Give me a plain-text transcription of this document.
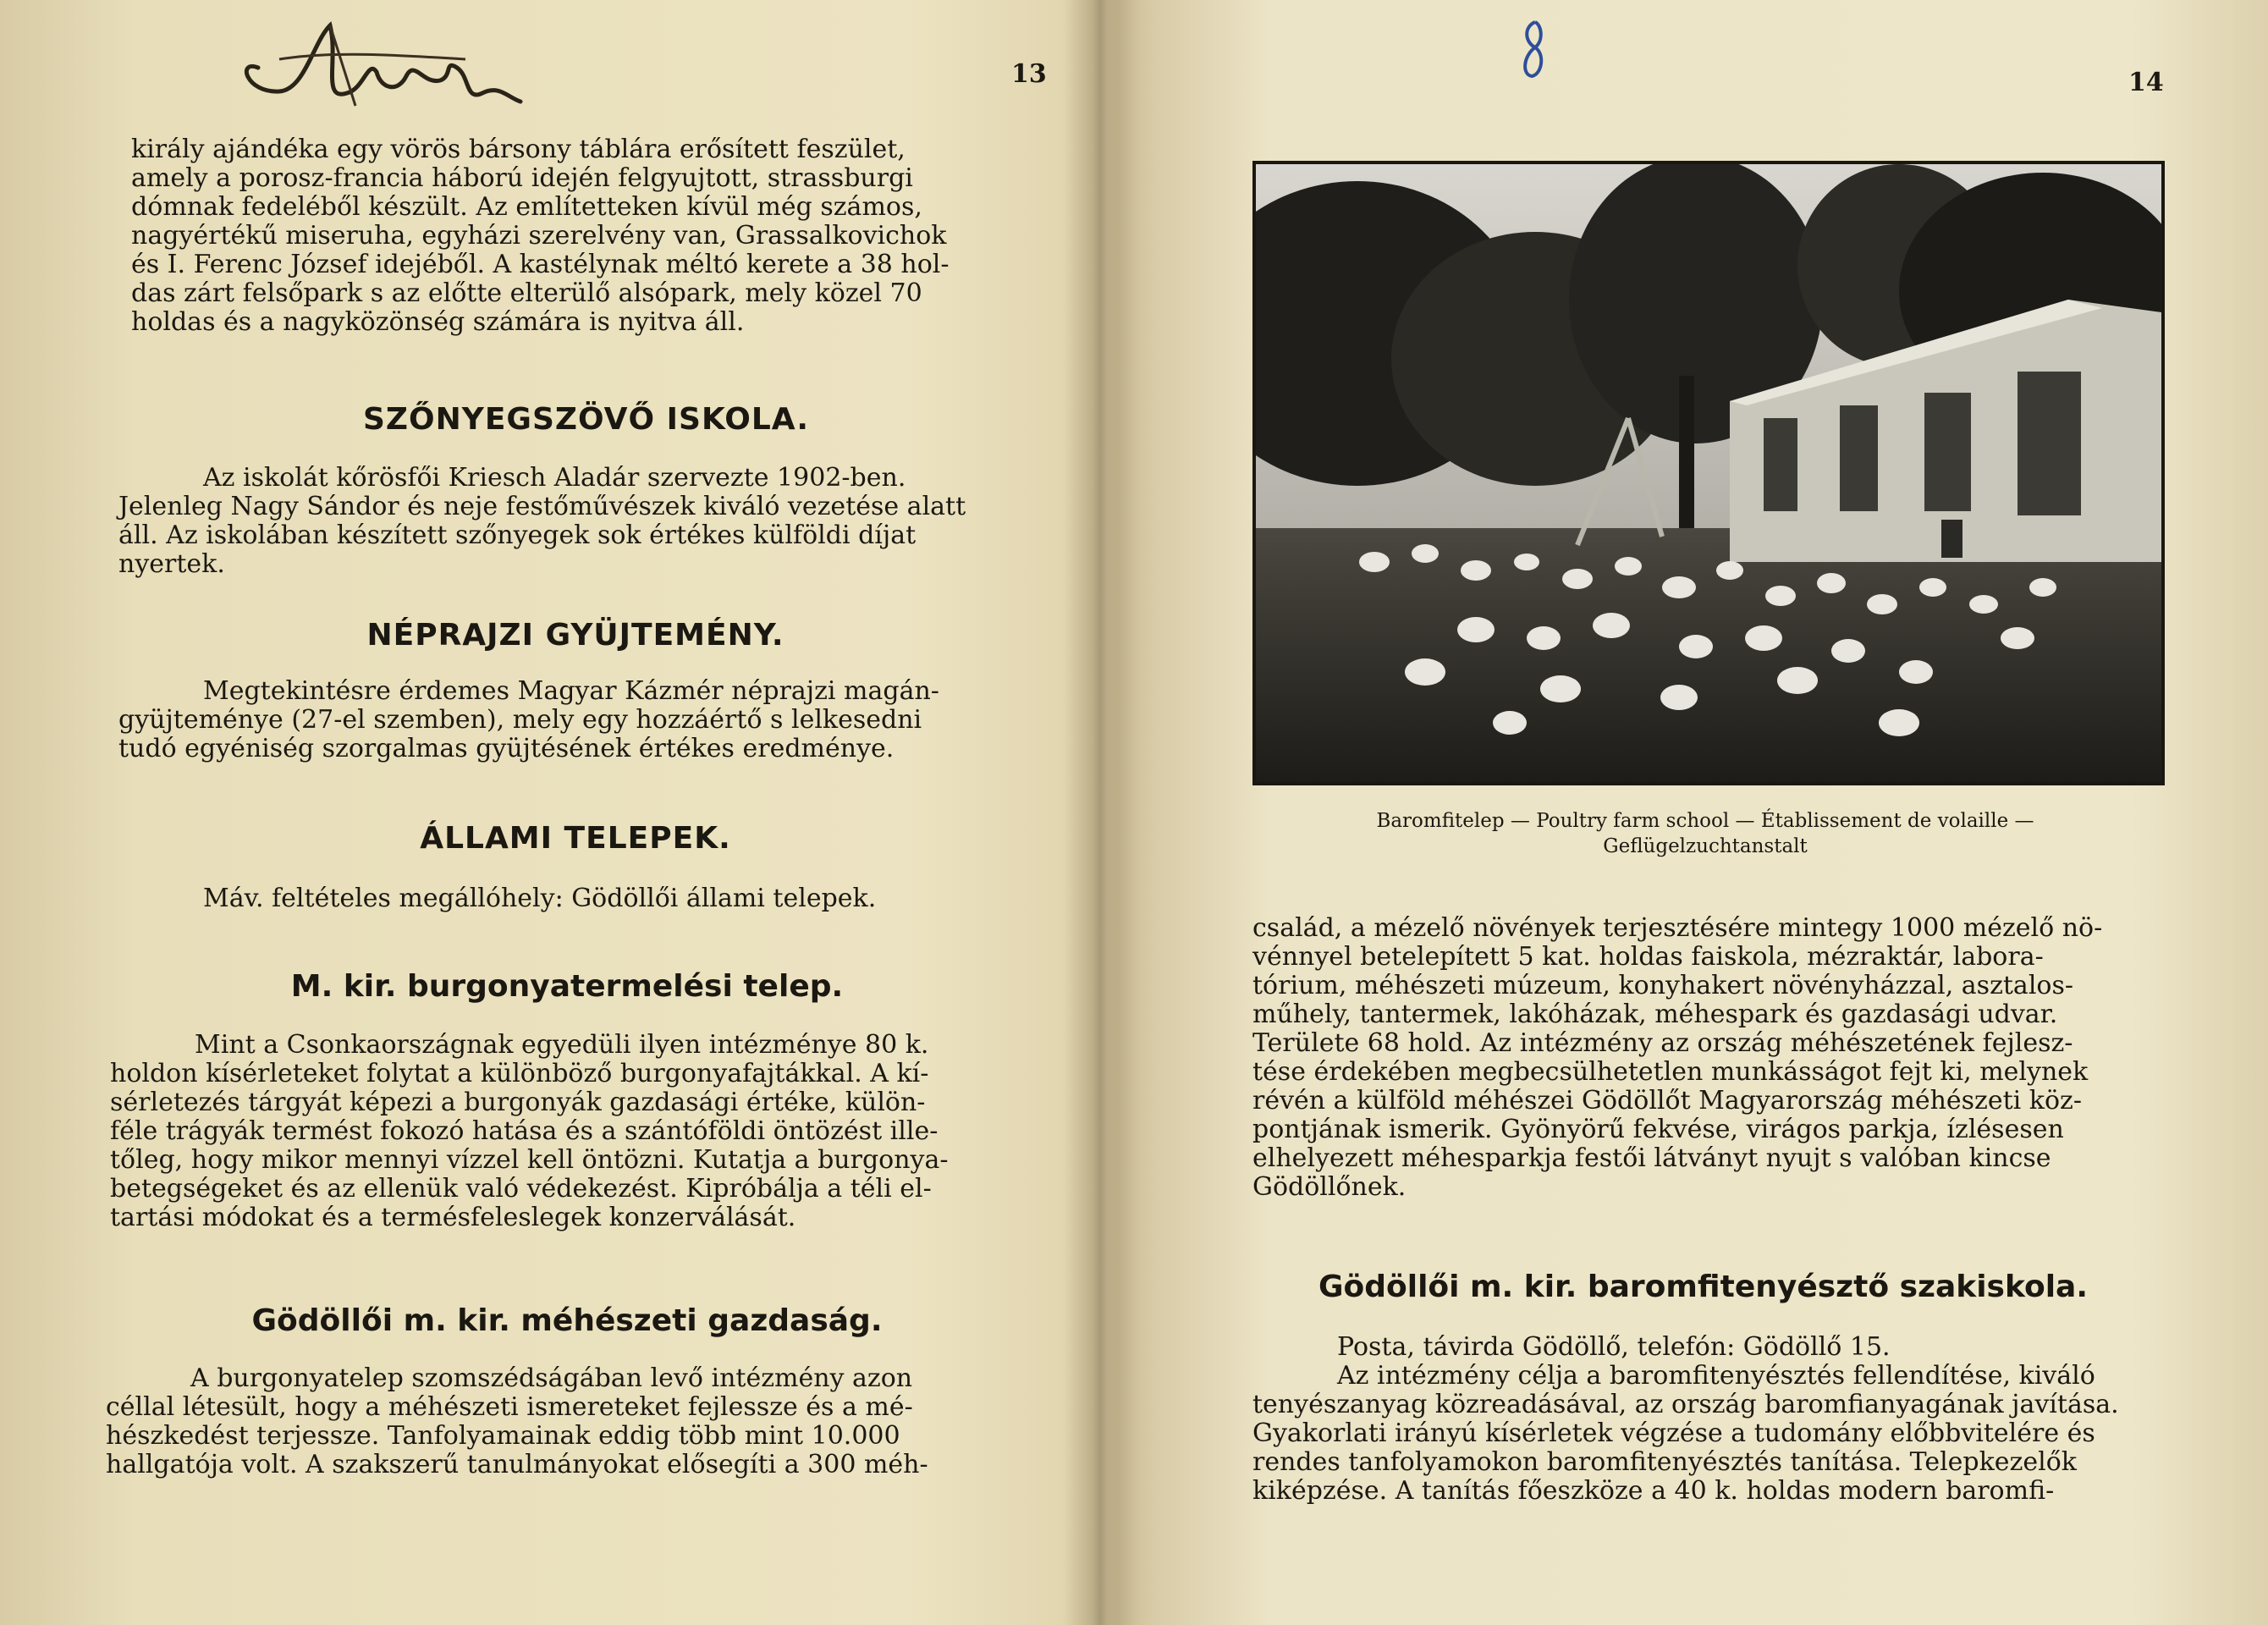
13

király ajándéka egy vörös bársony táblára erősített feszület,

amely a porosz-francia háború idején felgyujtott, strassburgi

dómnak fedeléből készült. Az említetteken kívül még számos,

nagyértékű miseruha, egyházi szerelvény van, Grassalkovichok

és I. Ferenc József idejéből. A kastélynak méltó kerete a 38 hol-

das zárt felsőpark s az előtte elterülő alsópark, mely közel 70

holdas és a nagyközönség számára is nyitva áll.

SZŐNYEGSZÖVŐ ISKOLA.

Az iskolát kőrösfői Kriesch Aladár szervezte 1902-ben.

Jelenleg Nagy Sándor és neje festőművészek kiváló vezetése alatt

áll. Az iskolában készített szőnyegek sok értékes külföldi díjat

nyertek.

NÉPRAJZI GYÜJTEMÉNY.

Megtekintésre érdemes Magyar Kázmér néprajzi magán-

gyüjteménye (27-el szemben), mely egy hozzáértő s lelkesedni

tudó egyéniség szorgalmas gyüjtésének értékes eredménye.

ÁLLAMI TELEPEK.

Máv. feltételes megállóhely: Gödöllői állami telepek.

M. kir. burgonyatermelési telep.

Mint a Csonkaországnak egyedüli ilyen intézménye 80 k.

holdon kísérleteket folytat a különböző burgonyafajtákkal. A kí-

sérletezés tárgyát képezi a burgonyák gazdasági értéke, külön-

féle trágyák termést fokozó hatása és a szántóföldi öntözést ille-

tőleg, hogy mikor mennyi vízzel kell öntözni. Kutatja a burgonya-

betegségeket és az ellenük való védekezést. Kipróbálja a téli el-

tartási módokat és a termésfeleslegek konzerválását.

Gödöllői m. kir. méhészeti gazdaság.

A burgonyatelep szomszédságában levő intézmény azon

céllal létesült, hogy a méhészeti ismereteket fejlessze és a mé-

hészkedést terjessze. Tanfolyamainak eddig több mint 10.000

hallgatója volt. A szakszerű tanulmányokat elősegíti a 300 méh-

14
Baromfitelep — Poultry farm school — Établissement de volaille —
Geflügelzuchtanstalt

család, a mézelő növények terjesztésére mintegy 1000 mézelő nö-

vénnyel betelepített 5 kat. holdas faiskola, mézraktár, labora-

tórium, méhészeti múzeum, konyhakert növényházzal, asztalos-

műhely, tantermek, lakóházak, méhespark és gazdasági udvar.

Területe 68 hold. Az intézmény az ország méhészetének fejlesz-

tése érdekében megbecsülhetetlen munkásságot fejt ki, melynek

révén a külföld méhészei Gödöllőt Magyarország méhészeti köz-

pontjának ismerik. Gyönyörű fekvése, virágos parkja, ízlésesen

elhelyezett méhesparkja festői látványt nyujt s valóban kincse

Gödöllőnek.

Gödöllői m. kir. baromfitenyésztő szakiskola.

Posta, távirda Gödöllő, telefón: Gödöllő 15.

Az intézmény célja a baromfitenyésztés fellendítése, kiváló

tenyészanyag közreadásával, az ország baromfianyagának javítása.

Gyakorlati irányú kísérletek végzése a tudomány előbbvitelére és

rendes tanfolyamokon baromfitenyésztés tanítása. Telepkezelők

kiképzése. A tanítás főeszköze a 40 k. holdas modern baromfi-
